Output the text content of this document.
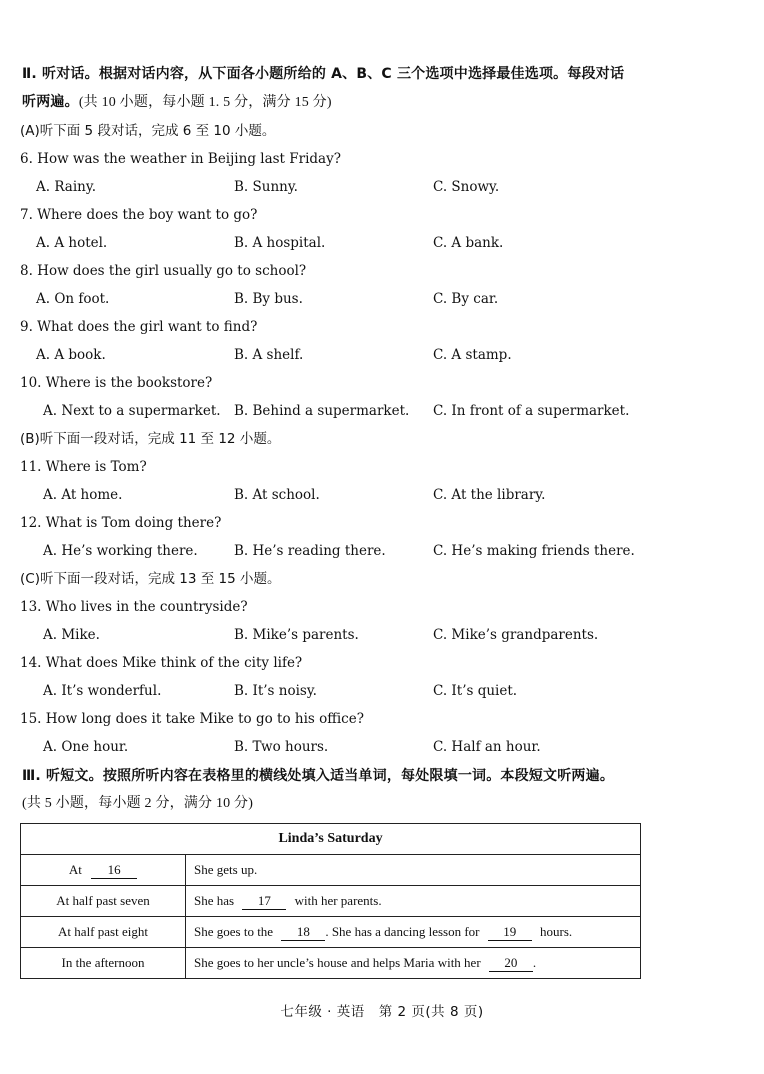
Ⅱ. 听对话。根据对话内容，从下面各小题所给的 A、B、C 三个选项中选择最佳选项。每段对话
听两遍。(共 10 小题，每小题 1. 5 分，满分 15 分)
(A)听下面 5 段对话，完成 6 至 10 小题。
6. How was the weather in Beijing last Friday?
A. Rainy.	B. Sunny.	C. Snowy.
7. Where does the boy want to go?
A. A hotel.	B. A hospital.	C. A bank.
8. How does the girl usually go to school?
A. On foot.	B. By bus.	C. By car.
9. What does the girl want to find?
A. A book.	B. A shelf.	C. A stamp.
10. Where is the bookstore?
A. Next to a supermarket. B. Behind a supermarket. C. In front of a supermarket.
(B)听下面一段对话，完成 11 至 12 小题。
11. Where is Tom?
A. At home.	B. At school.	C. At the library.
12. What is Tom doing there?
A. He’s working there.	B. He’s reading there.	C. He’s making friends there.
(C)听下面一段对话，完成 13 至 15 小题。
13. Who lives in the countryside?
A. Mike.	B. Mike’s parents.	C. Mike’s grandparents.
14. What does Mike think of the city life?
A. It’s wonderful.	B. It’s noisy.	C. It’s quiet.
15. How long does it take Mike to go to his office?
A. One hour.	B. Two hours.	C. Half an hour.
Ⅲ. 听短文。按照所听内容在表格里的横线处填入适当单词，每处限填一词。本段短文听两遍。
(共 5 小题，每小题 2 分，满分 10 分)
Linda’s Saturday	
At 16	She gets up.
At half past seven	She has 17 with her parents.
At half past eight	She goes to the 18 . She has a dancing lesson for 19 hours.
In the afternoon	She goes to her uncle’s house and helps Maria with her 20 .
七年级 · 英语　第 2 页(共 8 页)
